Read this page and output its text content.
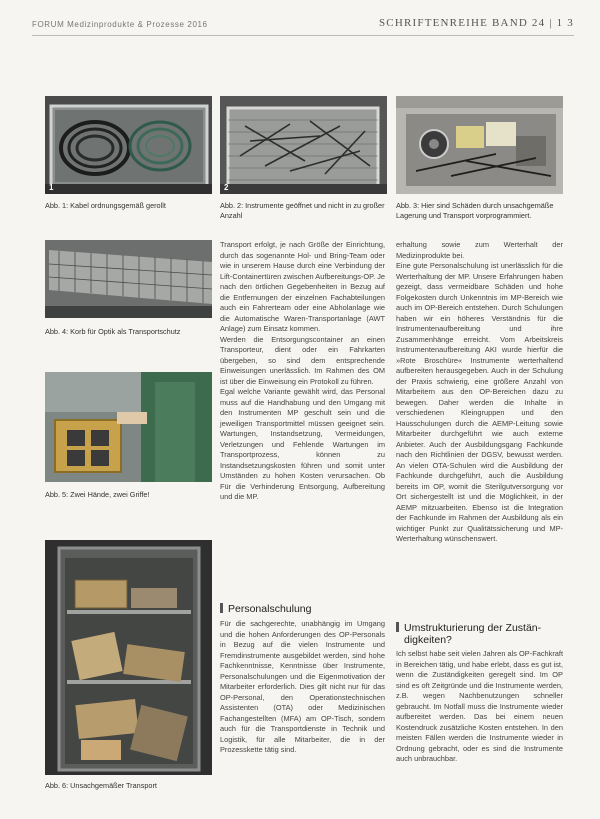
FORUM Medizinprodukte & Prozesse 2016	SCHRIFTENREIHE BAND 24 | 1 3
1
Abb. 1: Kabel ordnungsgemäß gerollt
2
Abb. 2: Instrumente geöffnet und nicht in zu großer Anzahl
Abb. 3: Hier sind Schäden durch unsachgemäße Lagerung und Transport vorprogrammiert.
Abb. 4: Korb für Optik als Transportschutz
Abb. 5: Zwei Hände, zwei Griffe!
Abb. 6: Unsachgemäßer Transport

Transport erfolgt, je nach Größe der Einrichtung, durch das sogenannte Hol- und Bring-Team oder wie in unserem Hause durch eine Verbindung der Lift-Containertüren zwischen Aufbereitungs-OP. Je nach den örtlichen Gegebenheiten in Bezug auf die Entfernungen der einzelnen Fachabteilungen auch ein Fahrerteam oder eine Abholanlage wie die Automatische Waren-Transportanlage (AWT Anlage) zum Einsatz kommen.

Werden die Entsorgungscontainer an einen Transporteur, dient oder ein Fahrkarten übergeben, so sind dem entsprechende Einweisungen unerlässlich. Im Rahmen des OM ist über die Einweisung ein Protokoll zu führen.

Egal welche Variante gewählt wird, das Personal muss auf die Handhabung und den Umgang mit den Instrumenten MP geschult sein und die jeweiligen Transportmittel müssen geeignet sein. Wartungen, Instandsetzung, Vermeidungen, Verletzungen und Fehlende Wartungen im Transportprozess, können zu Instandsetzungskosten führen und somit unter Umständen zu hohen Kosten verursachen. Ob Für die Verhinderung Entsorgung, Aufbereitung und die MP.

Personalschulung

Für die sachgerechte, unabhängig im Umgang und die hohen Anforderungen des OP-Personals in Bezug auf die vielen Instrumente und Fremdinstrumente ausgebildet werden, sind hohe Fachkenntnisse, Kenntnisse über Instrumente, Personalschulungen und die Eigenmotivation der Mitarbeiter erforderlich. Dies gilt nicht nur für das OP-Personal, den Operationstechnischen Assistenten (OTA) oder Medizinischen Fachangestellten (MFA) am OP-Tisch, sondern auch für die Transportdienste in Technik und Logistik, für alle Mitarbeiter, die in der Prozesskette tätig sind.

erhaltung sowie zum Werterhalt der Medizinprodukte bei.

Eine gute Personalschulung ist unerlässlich für die Werterhaltung der MP. Unsere Erfahrungen haben gezeigt, dass vermeidbare Schäden und hohe Folgekosten durch Unkenntnis im MP-Bereich wie auch im OP-Bereich entstehen. Durch Schulungen haben wir ein höheres Verständnis für die Instrumentenaufbereitung und ihre Zusammenhänge erreicht. Vom Arbeitskreis Instrumentenaufbereitung AKI wurde hierfür die »Rote Broschüre« Instrumente werterhaltend aufbereiten herausgegeben. Auch in der Schulung der Praxis schwierig, eine größere Anzahl von Mitarbeitern aus den OP-Bereichen dazu zu bewegen. Daher werden die Inhalte in verschiedenen Kleingruppen und den Hausschulungen durch die AEMP-Leitung sowie Mitarbeiter durchgeführt wie auch externe Anbieter. Auch der Ausbildungsgang Fachkunde nach den Richtlinien der DGSV, bewusst werden. An vielen OTA-Schulen wird die Ausbildung der Fachkunde durchgeführt, auch die Ausbildung bereits im OP, womit die Sterilgutversorgung vor Ort sichergestellt ist und die Möglichkeit, in der AEMP mitzuarbeiten. Ebenso ist die Integration der Fachkunde im Rahmen der Ausbildung als ein wichtiger Punkt zur Qualitätssicherung und MP-Werterhaltung wünschenswert.

Umstrukturierung der Zustän-
digkeiten?

Ich selbst habe seit vielen Jahren als OP-Fachkraft in Bereichen tätig, und habe erlebt, dass es gut ist, wenn die Zuständigkeiten geregelt sind. Im OP sind es oft Zeitgründe und die Instrumente werden, z.B. wegen Nachbenutzungen schneller gebraucht. Im Notfall muss die Instrumente wieder aufbereitet werden. Das bei einem neuen Kostendruck zusätzliche Kosten entstehen. In den meisten Fällen werden die Instrumente wieder in Ordnung gebracht, oder es sind die Instrumente auch unbrauchbar.
